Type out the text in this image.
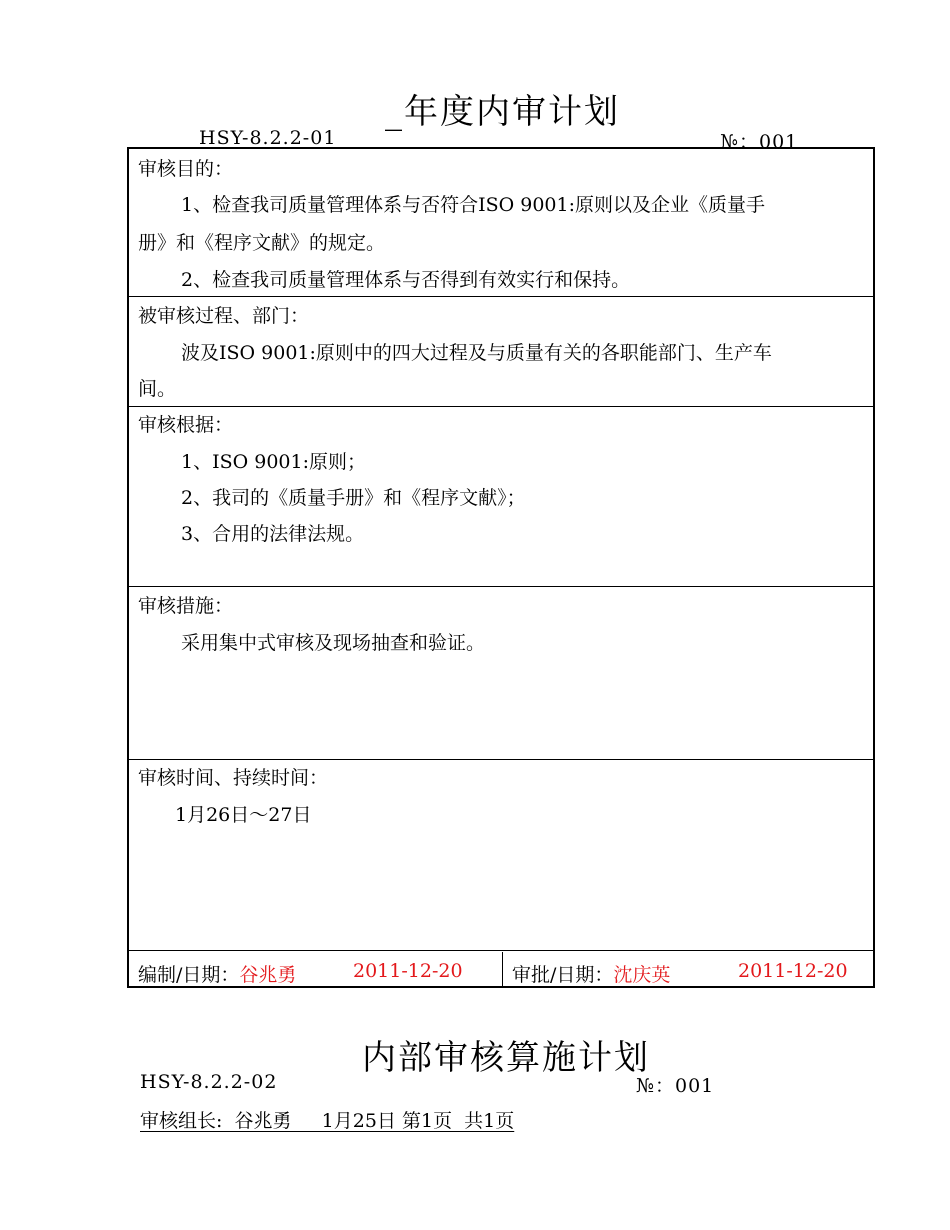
_年度内审计划
HSY-8.2.2-01	№：001
审核目的：
1、检查我司质量管理体系与否符合ISO 9001:原则以及企业《质量手
册》和《程序文献》的规定。
2、检查我司质量管理体系与否得到有效实行和保持。
被审核过程、部门：
波及ISO 9001:原则中的四大过程及与质量有关的各职能部门、生产车
间。
审核根据：
1、ISO 9001:原则；
2、我司的《质量手册》和《程序文献》；
3、合用的法律法规。
审核措施：
采用集中式审核及现场抽查和验证。
审核时间、持续时间：
1月26日～27日
编制/日期：谷兆勇	2011-12-20	审批/日期：沈庆英	2011-12-20
内部审核算施计划
HSY-8.2.2-02	№：001
审核组长:  谷兆勇     1月25日 第1页  共1页
